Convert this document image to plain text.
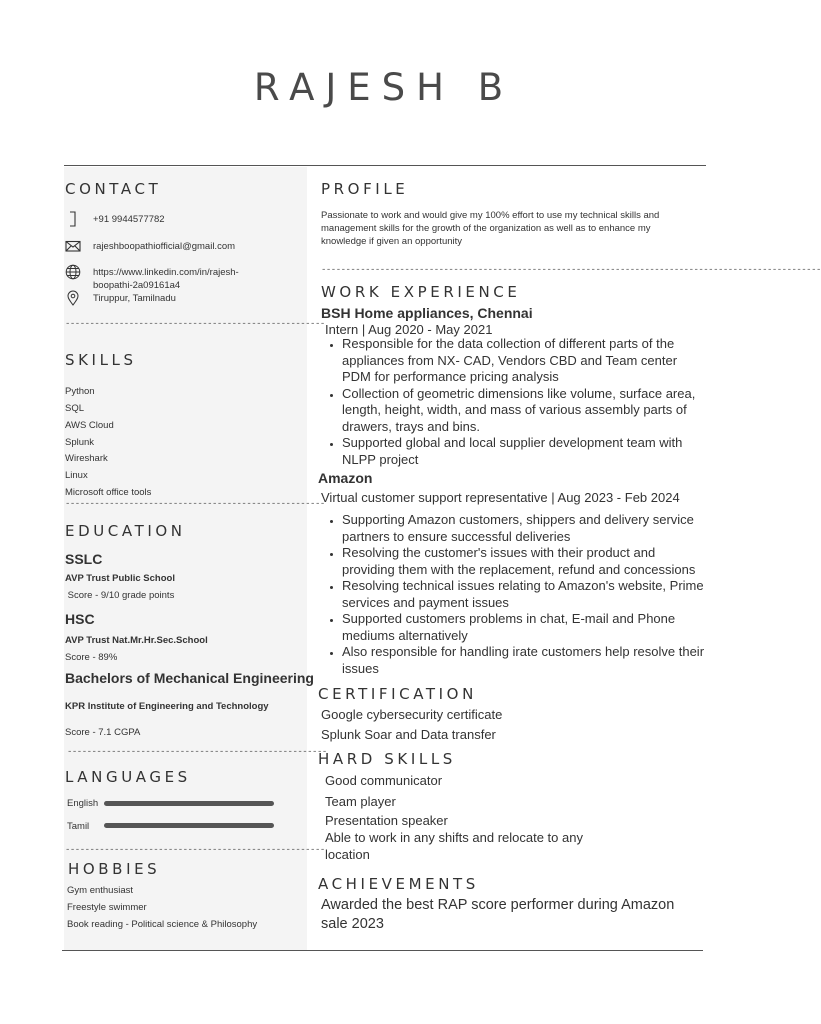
RAJESH B
CONTACT
+91 9944577782
rajeshboopathiofficial@gmail.com
https://www.linkedin.com/in/rajesh-
boopathi-2a09161a4
Tiruppur, Tamilnadu
-----------------------------------------------------
SKILLS
Python
SQL
AWS Cloud
Splunk
Wireshark
Linux
Microsoft office tools
-----------------------------------------------------
EDUCATION
SSLC
AVP Trust Public School
Score - 9/10 grade points
HSC
AVP Trust Nat.Mr.Hr.Sec.School
Score - 89%
Bachelors of Mechanical Engineering
KPR Institute of Engineering and Technology
Score - 7.1 CGPA
-----------------------------------------------------
LANGUAGES
English
Tamil
-----------------------------------------------------
HOBBIES
Gym enthusiast
Freestyle swimmer
Book reading - Political science & Philosophy
PROFILE
Passionate to work and would give my 100% effort to use my technical skills and
management skills for the growth of the organization as well as to enhance my
knowledge if given an opportunity
------------------------------------------------------------------------------------------------------
WORK EXPERIENCE
BSH Home appliances, Chennai
Intern | Aug 2020 - May 2021
• Responsible for the data collection of different parts of the
appliances from NX- CAD, Vendors CBD and Team center
PDM for performance pricing analysis
• Collection of geometric dimensions like volume, surface area,
length, height, width, and mass of various assembly parts of
drawers, trays and bins.
• Supported global and local supplier development team with
NLPP project
Amazon
Virtual customer support representative | Aug 2023 - Feb 2024
• Supporting Amazon customers, shippers and delivery service
partners to ensure successful deliveries
• Resolving the customer's issues with their product and
providing them with the replacement, refund and concessions
• Resolving technical issues relating to Amazon's website, Prime
services and payment issues
• Supported customers problems in chat, E-mail and Phone
mediums alternatively
• Also responsible for handling irate customers help resolve their
issues
CERTIFICATION
Google cybersecurity certificate
Splunk Soar and Data transfer
HARD SKILLS
Good communicator
Team player
Presentation speaker
Able to work in any shifts and relocate to any
location
ACHIEVEMENTS
Awarded the best RAP score performer during Amazon
sale 2023
